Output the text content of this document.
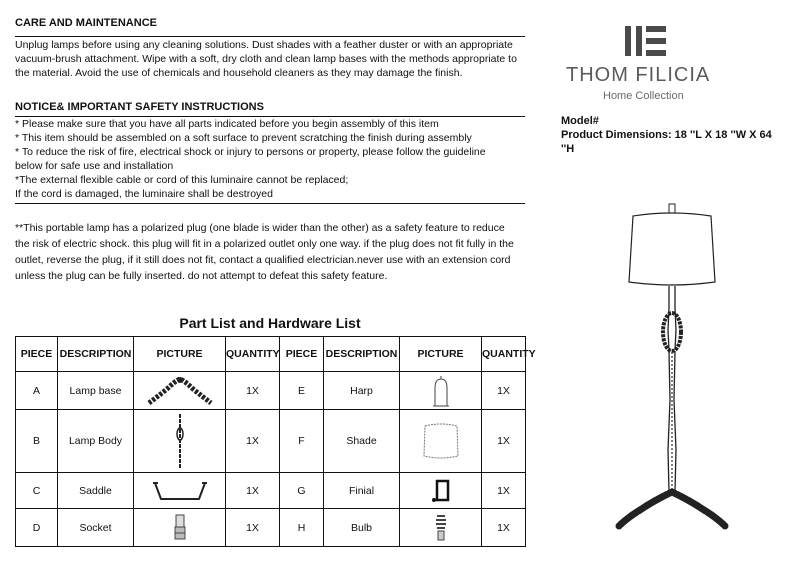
CARE AND MAINTENANCE
Unplug lamps before using any cleaning solutions. Dust shades with a feather duster or with an appropriate
vacuum-brush attachment. Wipe with a soft, dry cloth and clean lamp bases with the methods appropriate to
the material. Avoid the use of chemicals and household cleaners as they may damage the finish.
NOTICE& IMPORTANT SAFETY INSTRUCTIONS
* Please make sure that you have all parts indicated before you begin assembly of this item
* This item should be assembled on a soft surface to prevent scratching the finish during assembly
* To reduce the risk of fire, electrical shock or injury to persons or property, please follow the guideline
below for safe use and installation
*The external flexible cable or cord of this luminaire cannot be replaced;
If the cord is damaged, the luminaire shall be destroyed
**This portable lamp has a polarized plug (one blade is wider than the other) as a safety feature to reduce
the risk of electric shock. this plug will fit in a polarized outlet only one way. if the plug does not fit fully in the
outlet, reverse the plug, if it still does not fit, contact a qualified electrician.never use with an extension cord
unless the plug can be fully inserted. do not attempt to defeat this safety feature.
Part List and Hardware List
PIECE	DESCRIPTION	PICTURE	QUANTITY	PIECE	DESCRIPTION	PICTURE	QUANTITY
A	Lamp base		1X	E	Harp		1X
B	Lamp Body		1X	F	Shade		1X
C	Saddle		1X	G	Finial		1X
D	Socket		1X	H	Bulb		1X
THOM FILICIA
Home Collection
Model#
Product Dimensions: 18 ''L X 18 ''W X 64
''H
